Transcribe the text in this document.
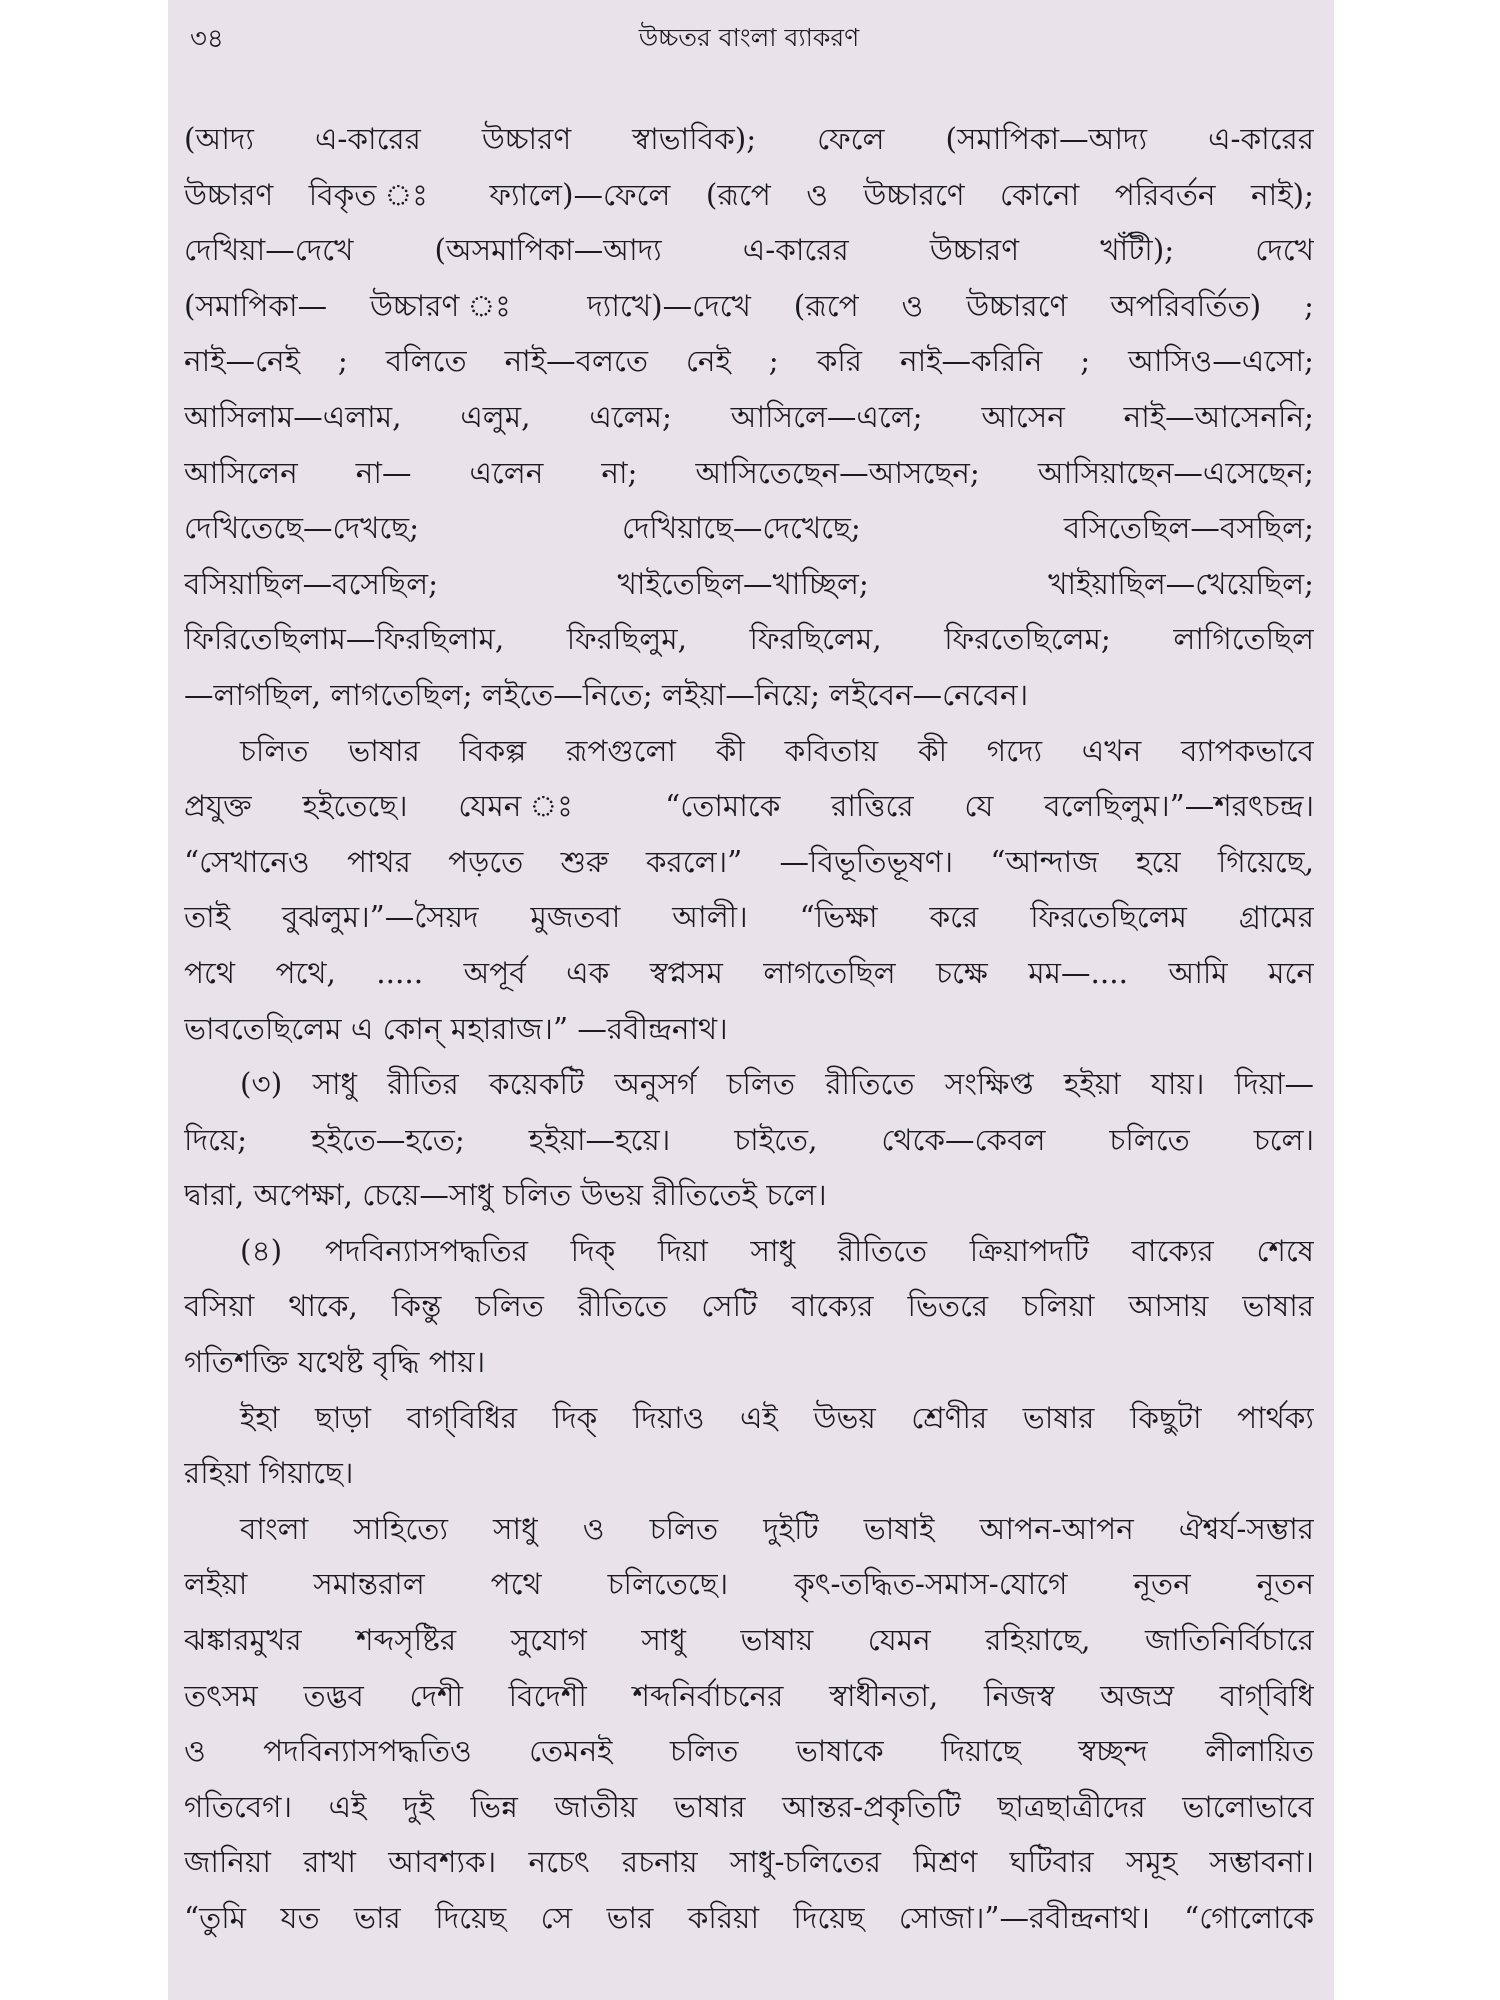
৩৪	উচ্চতর বাংলা ব্যাকরণ
(আদ্য এ-কারের উচ্চারণ স্বাভাবিক); ফেলে (সমাপিকা—আদ্য এ-কারের
উচ্চারণ বিকৃত ঃ ফ্যালে)—ফেলে (রূপে ও উচ্চারণে কোনো পরিবর্তন নাই);
দেখিয়া—দেখে (অসমাপিকা—আদ্য এ-কারের উচ্চারণ খাঁটী); দেখে
(সমাপিকা— উচ্চারণ ঃ দ্যাখে)—দেখে (রূপে ও উচ্চারণে অপরিবর্তিত) ;
নাই—নেই ; বলিতে নাই—বলতে নেই ; করি নাই—করিনি ; আসিও—এসো;
আসিলাম—এলাম, এলুম, এলেম; আসিলে—এলে; আসেন নাই—আসেননি;
আসিলেন না— এলেন না; আসিতেছেন—আসছেন; আসিয়াছেন—এসেছেন;
দেখিতেছে—দেখছে; দেখিয়াছে—দেখেছে; বসিতেছিল—বসছিল;
বসিয়াছিল—বসেছিল; খাইতেছিল—খাচ্ছিল; খাইয়াছিল—খেয়েছিল;
ফিরিতেছিলাম—ফিরছিলাম, ফিরছিলুম, ফিরছিলেম, ফিরতেছিলেম; লাগিতেছিল
—লাগছিল, লাগতেছিল; লইতে—নিতে; লইয়া—নিয়ে; লইবেন—নেবেন।
চলিত ভাষার বিকল্প রূপগুলো কী কবিতায় কী গদ্যে এখন ব্যাপকভাবে
প্রযুক্ত হইতেছে। যেমন ঃ “তোমাকে রাত্তিরে যে বলেছিলুম।”—শরৎচন্দ্র।
“সেখানেও পাথর পড়তে শুরু করলে।” —বিভূতিভূষণ। “আন্দাজ হয়ে গিয়েছে,
তাই বুঝলুম।”—সৈয়দ মুজতবা আলী। “ভিক্ষা করে ফিরতেছিলেম গ্রামের
পথে পথে, ..... অপূর্ব এক স্বপ্নসম লাগতেছিল চক্ষে মম—.... আমি মনে
ভাবতেছিলেম এ কোন্ মহারাজ।” —রবীন্দ্রনাথ।
(৩) সাধু রীতির কয়েকটি অনুসর্গ চলিত রীতিতে সংক্ষিপ্ত হইয়া যায়। দিয়া—
দিয়ে; হইতে—হতে; হইয়া—হয়ে। চাইতে, থেকে—কেবল চলিতে চলে।
দ্বারা, অপেক্ষা, চেয়ে—সাধু চলিত উভয় রীতিতেই চলে।
(৪) পদবিন্যাসপদ্ধতির দিক্ দিয়া সাধু রীতিতে ক্রিয়াপদটি বাক্যের শেষে
বসিয়া থাকে, কিন্তু চলিত রীতিতে সেটি বাক্যের ভিতরে চলিয়া আসায় ভাষার
গতিশক্তি যথেষ্ট বৃদ্ধি পায়।
ইহা ছাড়া বাগ্‌বিধির দিক্ দিয়াও এই উভয় শ্রেণীর ভাষার কিছুটা পার্থক্য
রহিয়া গিয়াছে।
বাংলা সাহিত্যে সাধু ও চলিত দুইটি ভাষাই আপন-আপন ঐশ্বর্য-সম্ভার
লইয়া সমান্তরাল পথে চলিতেছে। কৃৎ-তদ্ধিত-সমাস-যোগে নূতন নূতন
ঝঙ্কারমুখর শব্দসৃষ্টির সুযোগ সাধু ভাষায় যেমন রহিয়াছে, জাতিনির্বিচারে
তৎসম তদ্ভব দেশী বিদেশী শব্দনির্বাচনের স্বাধীনতা, নিজস্ব অজস্র বাগ্‌বিধি
ও পদবিন্যাসপদ্ধতিও তেমনই চলিত ভাষাকে দিয়াছে স্বচ্ছন্দ লীলায়িত
গতিবেগ। এই দুই ভিন্ন জাতীয় ভাষার আন্তর-প্রকৃতিটি ছাত্রছাত্রীদের ভালোভাবে
জানিয়া রাখা আবশ্যক। নচেৎ রচনায় সাধু-চলিতের মিশ্রণ ঘটিবার সমূহ সম্ভাবনা।
“তুমি যত ভার দিয়েছ সে ভার করিয়া দিয়েছ সোজা।”—রবীন্দ্রনাথ। “গোলোকে
